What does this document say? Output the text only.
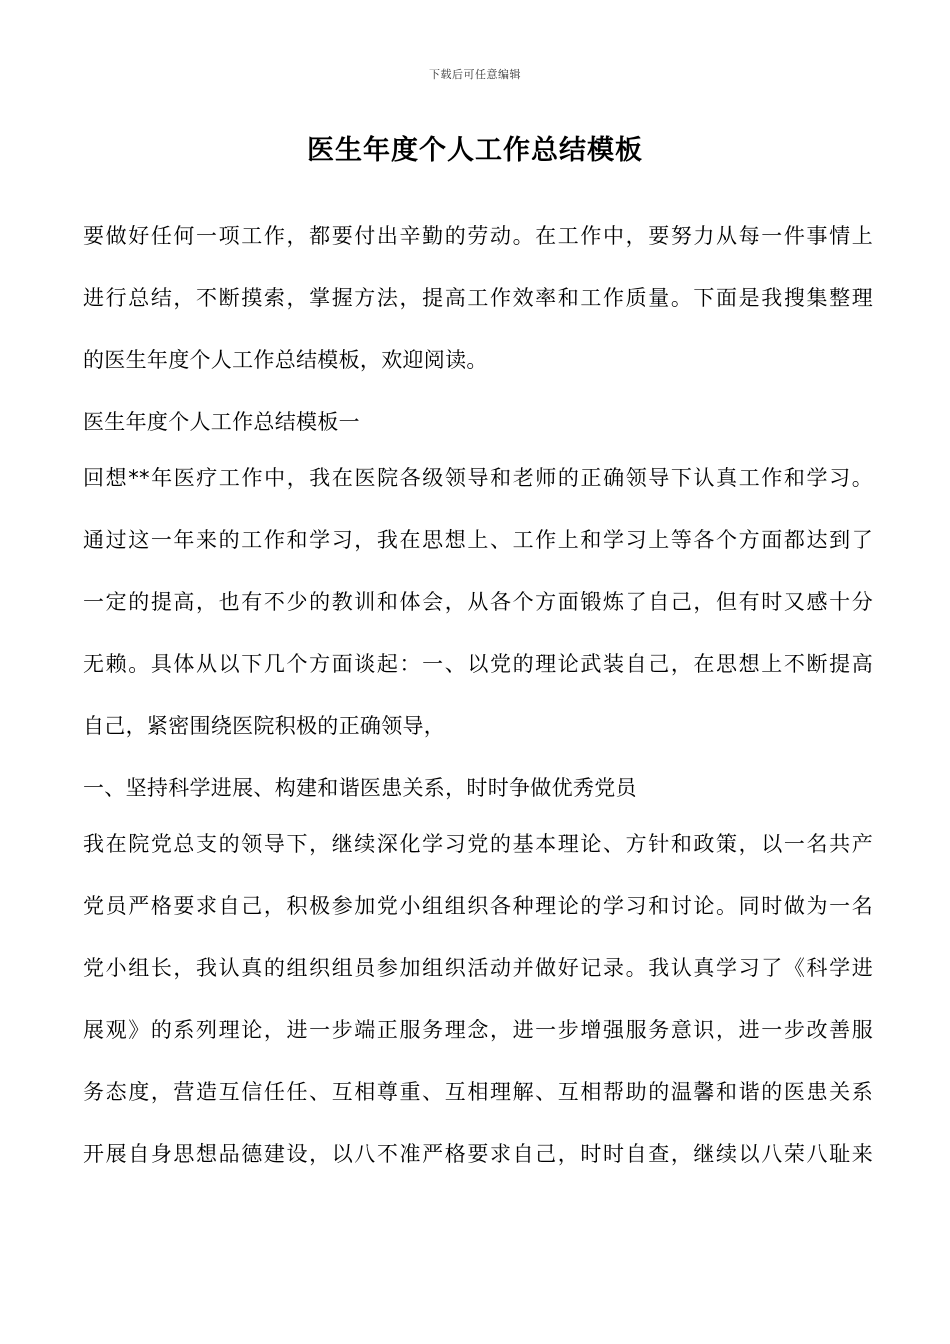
下载后可任意编辑
医生年度个人工作总结模板
要做好任何一项工作，都要付出辛勤的劳动。在工作中，要努力从每一件事情上
进行总结，不断摸索，掌握方法，提高工作效率和工作质量。下面是我搜集整理
的医生年度个人工作总结模板，欢迎阅读。
医生年度个人工作总结模板一
回想**年医疗工作中，我在医院各级领导和老师的正确领导下认真工作和学习。
通过这一年来的工作和学习，我在思想上、工作上和学习上等各个方面都达到了
一定的提高，也有不少的教训和体会，从各个方面锻炼了自己，但有时又感十分
无赖。具体从以下几个方面谈起：一、以党的理论武装自己，在思想上不断提高
自己，紧密围绕医院积极的正确领导，
一、坚持科学进展、构建和谐医患关系，时时争做优秀党员
我在院党总支的领导下，继续深化学习党的基本理论、方针和政策，以一名共产
党员严格要求自己，积极参加党小组组织各种理论的学习和讨论。同时做为一名
党小组长，我认真的组织组员参加组织活动并做好记录。我认真学习了《科学进
展观》的系列理论，进一步端正服务理念，进一步增强服务意识，进一步改善服
务态度，营造互信任任、互相尊重、互相理解、互相帮助的温馨和谐的医患关系
开展自身思想品德建设，以八不准严格要求自己，时时自查，继续以八荣八耻来
